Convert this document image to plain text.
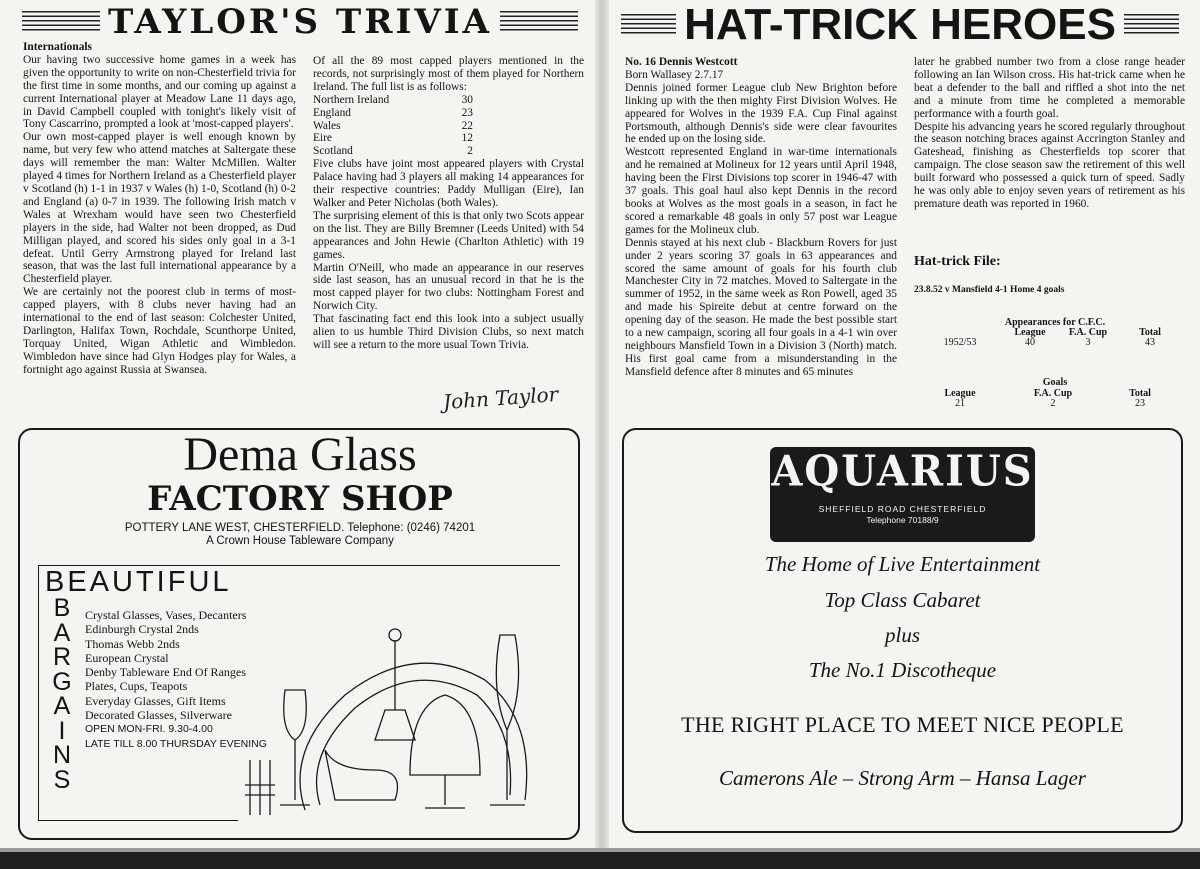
TAYLOR'S TRIVIA

Internationals

Our having two successive home games in a week has given the opportunity to write on non-Chesterfield trivia for the first time in some months, and our coming up against a current International player at Meadow Lane 11 days ago, in David Campbell coupled with tonight's likely visit of Tony Cascarrino, prompted a look at 'most-capped players'.

Our own most-capped player is well enough known by name, but very few who attend matches at Saltergate these days will remember the man: Walter McMillen. Walter played 4 times for Northern Ireland as a Chesterfield player v Scotland (h) 1-1 in 1937 v Wales (h) 1-0, Scotland (h) 0-2 and England (a) 0-7 in 1939. The following Irish match v Wales at Wrexham would have seen two Chesterfield players in the side, had Walter not been dropped, as Dud Milligan played, and scored his sides only goal in a 3-1 defeat. Until Gerry Armstrong played for Ireland last season, that was the last full international appearance by a Chesterfield player.

We are certainly not the poorest club in terms of most-capped players, with 8 clubs never having had an international to the end of last season: Colchester United, Darlington, Halifax Town, Rochdale, Scunthorpe United, Torquay United, Wigan Athletic and Wimbledon. Wimbledon have since had Glyn Hodges play for Wales, a fortnight ago against Russia at Swansea.

Of all the 89 most capped players mentioned in the records, not surprisingly most of them played for Northern Ireland. The full list is as follows:

Northern Ireland	30
England	23
Wales	22
Eire	12
Scotland	2

Five clubs have joint most appeared players with Crystal Palace having had 3 players all making 14 appearances for their respective countries: Paddy Mulligan (Eire), Ian Walker and Peter Nicholas (both Wales).

The surprising element of this is that only two Scots appear on the list. They are Billy Bremner (Leeds United) with 54 appearances and John Hewie (Charlton Athletic) with 19 games.

Martin O'Neill, who made an appearance in our reserves side last season, has an unusual record in that he is the most capped player for two clubs: Nottingham Forest and Norwich City.

That fascinating fact end this look into a subject usually alien to us humble Third Division Clubs, so next match will see a return to the more usual Town Trivia.

John Taylor
HAT-TRICK HEROES

No. 16 Dennis Westcott

Born Wallasey 2.7.17

Dennis joined former League club New Brighton before linking up with the then mighty First Division Wolves. He appeared for Wolves in the 1939 F.A. Cup Final against Portsmouth, although Dennis's side were clear favourites he ended up on the losing side.

Westcott represented England in war-time internationals and he remained at Molineux for 12 years until April 1948, having been the First Divisions top scorer in 1946-47 with 37 goals. This goal haul also kept Dennis in the record books at Wolves as the most goals in a season, in fact he scored a remarkable 48 goals in only 57 post war League games for the Molineux club.

Dennis stayed at his next club - Blackburn Rovers for just under 2 years scoring 37 goals in 63 appearances and scored the same amount of goals for his fourth club Manchester City in 72 matches. Moved to Saltergate in the summer of 1952, in the same week as Ron Powell, aged 35 and made his Spireite debut at centre forward on the opening day of the season. He made the best possible start to a new campaign, scoring all four goals in a 4-1 win over neighbours Mansfield Town in a Division 3 (North) match. His first goal came from a misunderstanding in the Mansfield defence after 8 minutes and 65 minutes

later he grabbed number two from a close range header following an Ian Wilson cross. His hat-trick came when he beat a defender to the ball and riffled a shot into the net and a minute from time he completed a memorable performance with a fourth goal.

Despite his advancing years he scored regularly throughout the season notching braces against Accrington Stanley and Gateshead, finishing as Chesterfields top scorer that campaign. The close season saw the retirement of this well built forward who possessed a quick turn of speed. Sadly he was only able to enjoy seven years of retirement as his premature death was reported in 1960.

Hat-trick File:
23.8.52 v Mansfield 4-1 Home 4 goals
Appearances for C.F.C.
League	F.A. Cup	Total
1952/53	40	3	43
Goals
League	F.A. Cup	Total
21	2	23
Dema Glass
FACTORY SHOP
POTTERY LANE WEST, CHESTERFIELD. Telephone: (0246) 74201
A Crown House Tableware Company
BEAUTIFUL
B
A
R
G
A
I
N
S
Crystal Glasses, Vases, Decanters
Edinburgh Crystal 2nds
Thomas Webb 2nds
European Crystal
Denby Tableware End Of Ranges
Plates, Cups, Teapots
Everyday Glasses, Gift Items
Decorated Glasses, Silverware
OPEN MON-FRI. 9.30-4.00
LATE TILL 8.00 THURSDAY EVENING
AQUARIUS
SHEFFIELD ROAD CHESTERFIELD
Telephone 70188/9
The Home of Live Entertainment
Top Class Cabaret
plus
The No.1 Discotheque
THE RIGHT PLACE TO MEET NICE PEOPLE
Camerons Ale – Strong Arm – Hansa Lager
